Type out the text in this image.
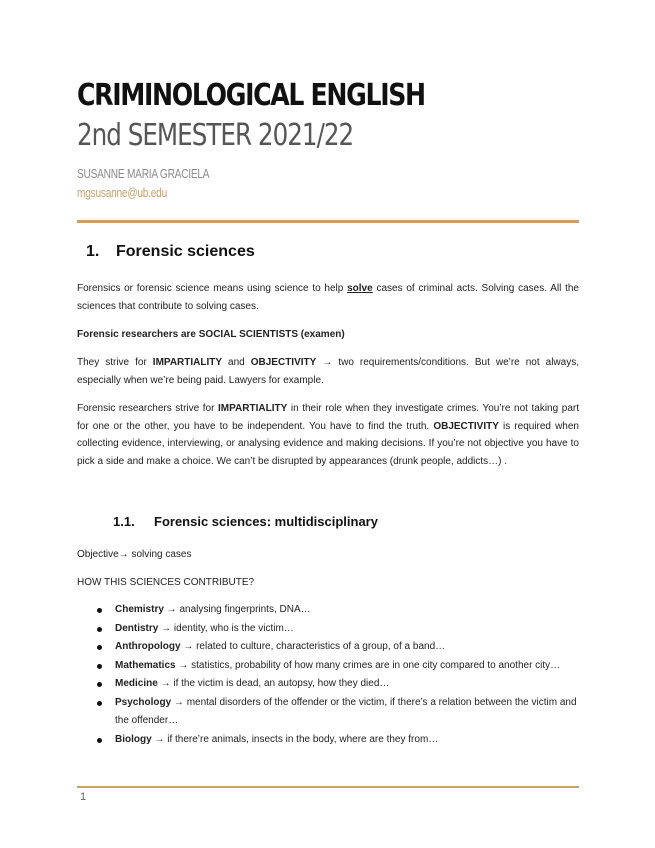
CRIMINOLOGICAL ENGLISH
2nd SEMESTER 2021/22
SUSANNE MARIA GRACIELA
mgsusanne@ub.edu
1. Forensic sciences
Forensics or forensic science means using science to help solve cases of criminal acts. Solving cases. All the sciences that contribute to solving cases.
Forensic researchers are SOCIAL SCIENTISTS (examen)
They strive for IMPARTIALITY and OBJECTIVITY → two requirements/conditions. But we’re not always, especially when we’re being paid. Lawyers for example.
Forensic researchers strive for IMPARTIALITY in their role when they investigate crimes. You’re not taking part for one or the other, you have to be independent. You have to find the truth. OBJECTIVITY is required when collecting evidence, interviewing, or analysing evidence and making decisions. If you’re not objective you have to pick a side and make a choice. We can’t be disrupted by appearances (drunk people, addicts…) .
1.1. Forensic sciences: multidisciplinary
Objective→ solving cases
HOW THIS SCIENCES CONTRIBUTE?
Chemistry → analysing fingerprints, DNA…
Dentistry → identity, who is the victim…
Anthropology → related to culture, characteristics of a group, of a band…
Mathematics → statistics, probability of how many crimes are in one city compared to another city…
Medicine → if the victim is dead, an autopsy, how they died…
Psychology → mental disorders of the offender or the victim, if there’s a relation between the victim and the offender…
Biology → if there’re animals, insects in the body, where are they from…
1
